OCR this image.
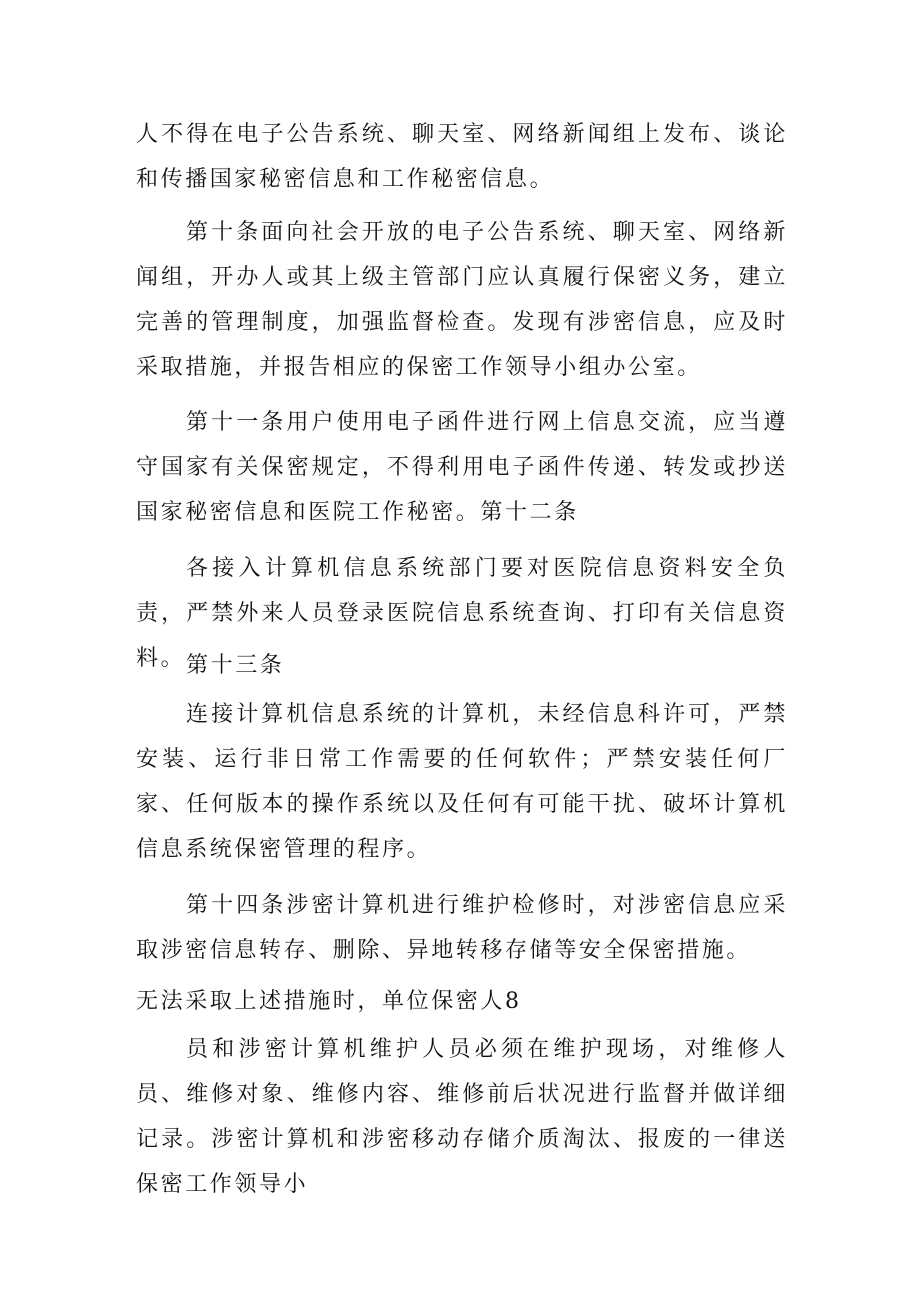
人不得在电子公告系统、聊天室、网络新闻组上发布、谈论和传播国家秘密信息和工作秘密信息。

第十条面向社会开放的电子公告系统、聊天室、网络新闻组，开办人或其上级主管部门应认真履行保密义务，建立完善的管理制度，加强监督检查。发现有涉密信息，应及时采取措施，并报告相应的保密工作领导小组办公室。

第十一条用户使用电子函件进行网上信息交流，应当遵守国家有关保密规定，不得利用电子函件传递、转发或抄送国家秘密信息和医院工作秘密。第十二条

各接入计算机信息系统部门要对医院信息资料安全负责，严禁外来人员登录医院信息系统查询、打印有关信息资料。 第十三条

连接计算机信息系统的计算机，未经信息科许可，严禁安装、运行非日常工作需要的任何软件；严禁安装任何厂家、任何版本的操作系统以及任何有可能干扰、破坏计算机信息系统保密管理的程序。

第十四条涉密计算机进行维护检修时，对涉密信息应采取涉密信息转存、删除、异地转移存储等安全保密措施。

无法采取上述措施时，单位保密人8

员和涉密计算机维护人员必须在维护现场，对维修人员、维修对象、维修内容、维修前后状况进行监督并做详细记录。涉密计算机和涉密移动存储介质淘汰、报废的一律送保密工作领导小
